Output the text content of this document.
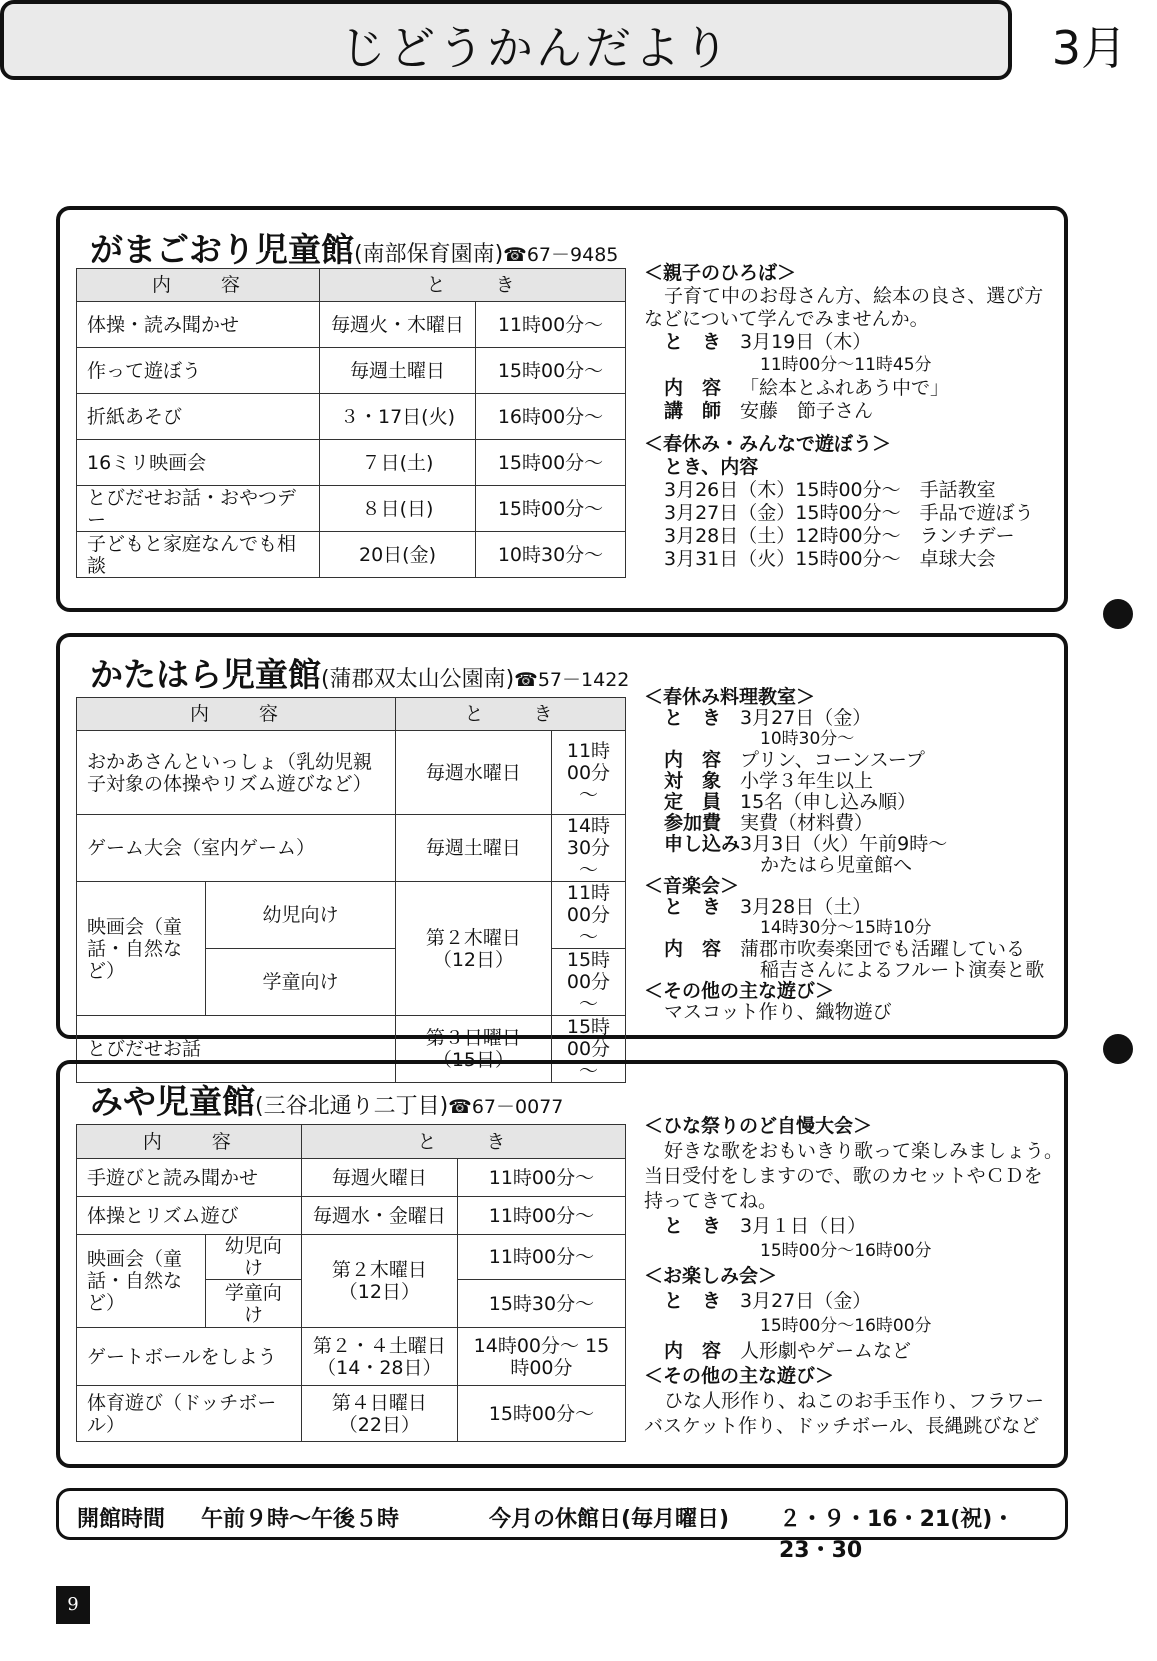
じどうかんだより	3月
がまごおり児童館(南部保育園南)☎67－9485
内　　容	と　　き	
体操・読み聞かせ	毎週火・木曜日	11時00分～
作って遊ぼう	毎週土曜日	15時00分～
折紙あそび	３・17日(火)	16時00分～
16ミリ映画会	７日(土)	15時00分～
とびだせお話・おやつデー	８日(日)	15時00分～
子どもと家庭なんでも相談	20日(金)	10時30分～
＜親子のひろば＞
子育て中のお母さん方、絵本の良さ、選び方
などについて学んでみませんか。
と　き 3月19日（木）
11時00分～11時45分
内　容 「絵本とふれあう中で」
講　師 安藤　節子さん
＜春休み・みんなで遊ぼう＞
とき、内容
3月26日（木）15時00分～　手話教室
3月27日（金）15時00分～　手品で遊ぼう
3月28日（土）12時00分～　ランチデー
3月31日（火）15時00分～　卓球大会
かたはら児童館(蒲郡双太山公園南)☎57－1422
内　　容		と　　き	
おかあさんといっしょ（乳幼児親子対象の体操やリズム遊びなど）		毎週水曜日	11時00分～
ゲーム大会（室内ゲーム）		毎週土曜日	14時30分～
映画会（童話・自然など）	幼児向け	第２木曜日（12日）	11時00分～
	学童向け		15時00分～
とびだせお話		第３日曜日（15日）	15時00分～
＜春休み料理教室＞
と　き 3月27日（金）
10時30分～
内　容 プリン、コーンスープ
対　象 小学３年生以上
定　員 15名（申し込み順）
参加費 実費（材料費）
申し込み 3月3日（火）午前9時～
かたはら児童館へ
＜音楽会＞
と　き 3月28日（土）
14時30分～15時10分
内　容 蒲郡市吹奏楽団でも活躍している
稲吉さんによるフルート演奏と歌
＜その他の主な遊び＞
マスコット作り、織物遊び
みや児童館(三谷北通り二丁目)☎67－0077
内　　容		と　　き	
手遊びと読み聞かせ		毎週火曜日	11時00分～
体操とリズム遊び		毎週水・金曜日	11時00分～
映画会（童話・自然など）	幼児向け	第２木曜日（12日）	11時00分～
	学童向け		15時30分～
ゲートボールをしよう		第２・４土曜日（14・28日）	14時00分～ 15時00分
体育遊び（ドッチボール）		第４日曜日（22日）	15時00分～
＜ひな祭りのど自慢大会＞
好きな歌をおもいきり歌って楽しみましょう。
当日受付をしますので、歌のカセットやＣＤを
持ってきてね。
と　き 3月１日（日）
15時00分～16時00分
＜お楽しみ会＞
と　き 3月27日（金）
15時00分～16時00分
内　容 人形劇やゲームなど
＜その他の主な遊び＞
ひな人形作り、ねこのお手玉作り、フラワー
バスケット作り、ドッチボール、長縄跳びなど
開館時間 午前９時～午後５時	今月の休館日(毎月曜日) ２・９・16・21(祝)・23・30
9
